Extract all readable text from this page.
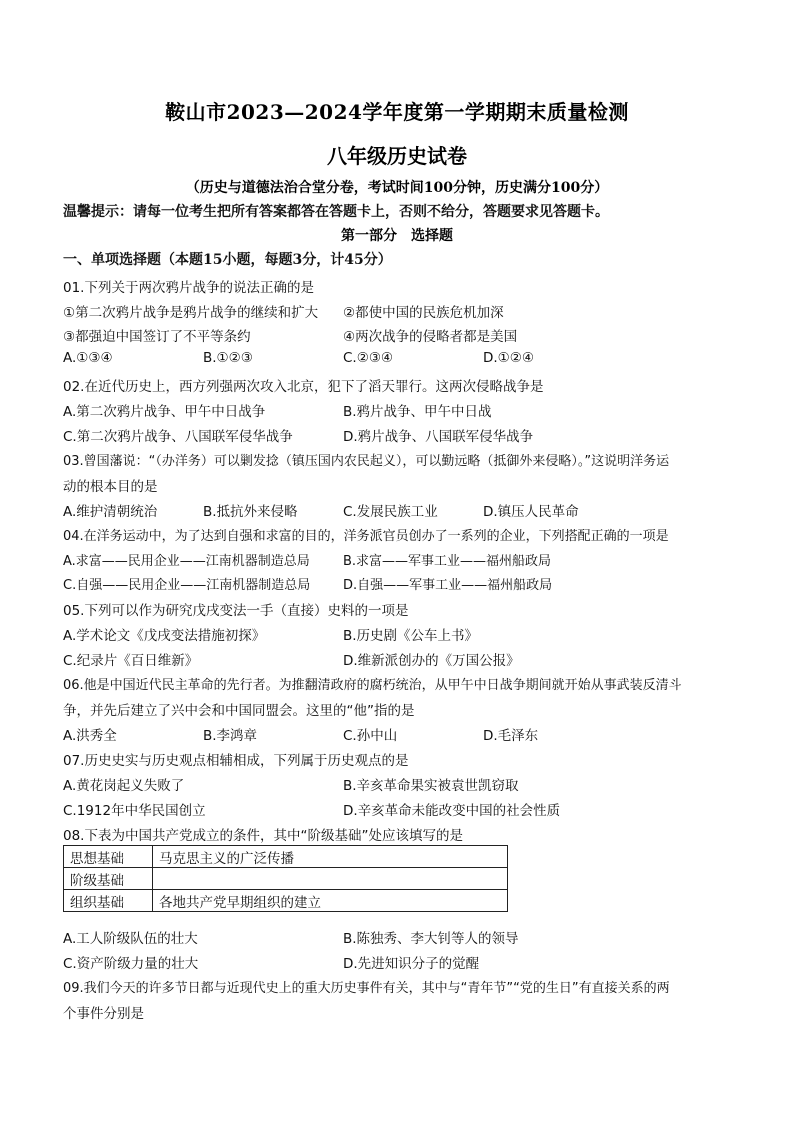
鞍山市2023—2024学年度第一学期期末质量检测
八年级历史试卷
（历史与道德法治合堂分卷，考试时间100分钟，历史满分100分）
温馨提示：请每一位考生把所有答案都答在答题卡上，否则不给分，答题要求见答题卡。
第一部分　选择题
一、单项选择题（本题15小题，每题3分，计45分）
01.下列关于两次鸦片战争的说法正确的是
①第二次鸦片战争是鸦片战争的继续和扩大 ②都使中国的民族危机加深
③都强迫中国签订了不平等条约	④两次战争的侵略者都是美国
A.①③④	B.①②③	C.②③④	D.①②④
02.在近代历史上，西方列强两次攻入北京，犯下了滔天罪行。这两次侵略战争是
A.第二次鸦片战争、甲午中日战争	B.鸦片战争、甲午中日战
C.第二次鸦片战争、八国联军侵华战争	D.鸦片战争、八国联军侵华战争
03.曾国藩说：“（办洋务）可以剿发捻（镇压国内农民起义），可以勤远略（抵御外来侵略）。”这说明洋务运
动的根本目的是
A.维护清朝统治	B.抵抗外来侵略	C.发展民族工业	D.镇压人民革命
04.在洋务运动中，为了达到自强和求富的目的，洋务派官员创办了一系列的企业，下列搭配正确的一项是
A.求富——民用企业——江南机器制造总局	B.求富——军事工业——福州船政局
C.自强——民用企业——江南机器制造总局	D.自强——军事工业——福州船政局
05.下列可以作为研究戊戌变法一手（直接）史料的一项是
A.学术论文《戊戌变法措施初探》	B.历史剧《公车上书》
C.纪录片《百日维新》	D.维新派创办的《万国公报》
06.他是中国近代民主革命的先行者。为推翻清政府的腐朽统治，从甲午中日战争期间就开始从事武装反清斗
争，并先后建立了兴中会和中国同盟会。这里的“他”指的是
A.洪秀全	B.李鸿章	C.孙中山	D.毛泽东
07.历史史实与历史观点相辅相成，下列属于历史观点的是
A.黄花岗起义失败了	B.辛亥革命果实被袁世凯窃取
C.1912年中华民国创立	D.辛亥革命未能改变中国的社会性质
08.下表为中国共产党成立的条件，其中“阶级基础”处应该填写的是
思想基础	马克思主义的广泛传播
阶级基础	
组织基础	各地共产党早期组织的建立
A.工人阶级队伍的壮大	B.陈独秀、李大钊等人的领导
C.资产阶级力量的壮大	D.先进知识分子的觉醒
09.我们今天的许多节日都与近现代史上的重大历史事件有关，其中与“青年节”“党的生日”有直接关系的两
个事件分别是
